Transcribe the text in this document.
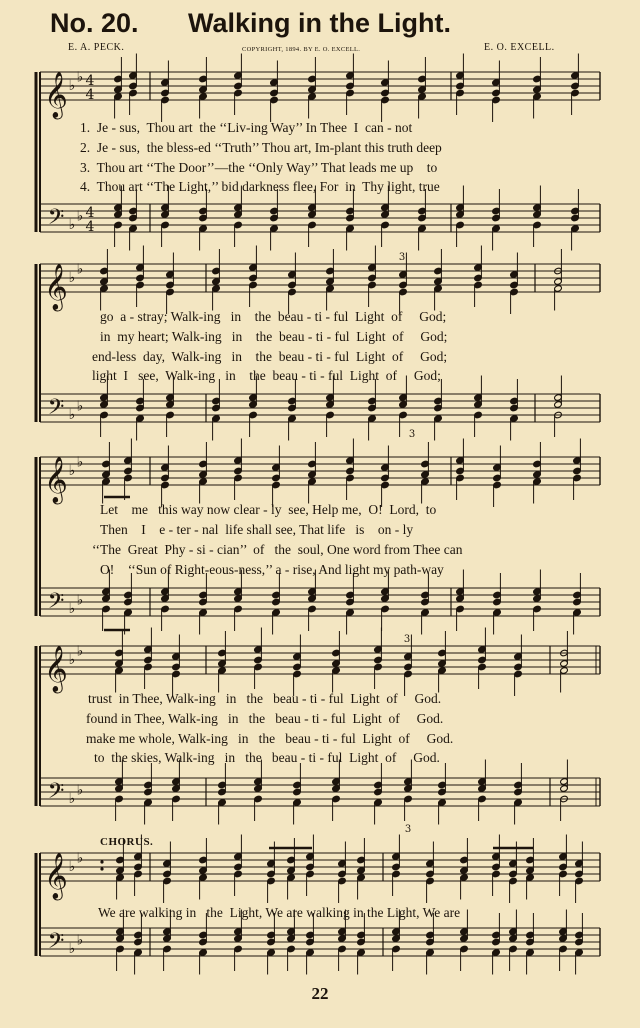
No. 20. Walking in the Light.
E. A. PECK.	COPYRIGHT, 1894. BY E. O. EXCELL.	E. O. EXCELL.
𝄞
𝄢
♭
♭
♭
♭
4
4
4
4
𝄞
𝄢
♭
♭
♭
♭
3
3
𝄞
𝄢
♭
♭
♭
♭
𝄞
𝄢
♭
♭
♭
♭
3
3
𝄞
𝄢
♭
♭
♭
♭
1.  Je - sus,  Thou art  the ‘‘Liv-ing Way’’ In Thee  I  can - not
2.  Je - sus,  the bless-ed ‘‘Truth’’ Thou art, Im-plant this truth deep
3.  Thou art ‘‘The Door’’—the ‘‘Only Way’’ That leads me up    to
4.  Thou art ‘‘The Light,’’ bid darkness flee, For  in  Thy light, true
go  a - stray; Walk-ing   in    the  beau - ti - ful  Light  of     God;
in  my heart; Walk-ing   in    the  beau - ti - ful  Light  of     God;
end-less  day,  Walk-ing   in    the  beau - ti - ful  Light  of     God;
light  I   see,  Walk-ing   in    the  beau - ti - ful  Light  of     God;
Let    me   this way now clear - ly  see, Help me,  O!  Lord,  to
Then    I    e - ter - nal  life shall see, That life   is    on - ly
‘‘The  Great  Phy - si - cian’’  of   the  soul, One word from Thee can
O!    ‘‘Sun of Right-eous-ness,’’ a - rise, And light my path-way
trust  in Thee, Walk-ing   in   the   beau - ti - ful  Light  of     God.
found in Thee, Walk-ing   in   the   beau - ti - ful  Light  of     God.
make me whole, Walk-ing   in   the   beau - ti - ful  Light  of     God.
to  the skies, Walk-ing   in   the   beau - ti - ful  Light  of     God.
CHORUS.
We are walking in   the  Light, We are walking in the Light, We are
22
